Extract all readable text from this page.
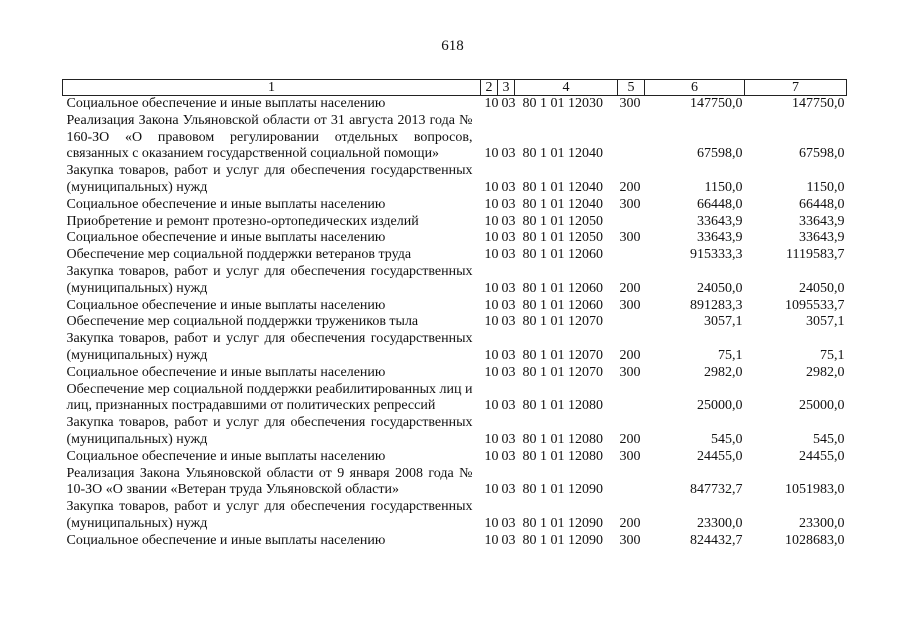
618
1	2	3	4	5	6	7
Социальное обеспечение и иные выплаты населению	10	03	80 1 01 12030	300	147750,0	147750,0
Реализация Закона Ульяновской области от 31 августа 2013 года № 160-ЗО «О правовом регулировании отдельных вопросов, связанных с оказанием государственной социальной помощи»	10	03	80 1 01 12040		67598,0	67598,0
Закупка товаров, работ и услуг для обеспечения государственных (муниципальных) нужд	10	03	80 1 01 12040	200	1150,0	1150,0
Социальное обеспечение и иные выплаты населению	10	03	80 1 01 12040	300	66448,0	66448,0
Приобретение и ремонт протезно-ортопедических изделий	10	03	80 1 01 12050		33643,9	33643,9
Социальное обеспечение и иные выплаты населению	10	03	80 1 01 12050	300	33643,9	33643,9
Обеспечение мер социальной поддержки ветеранов труда	10	03	80 1 01 12060		915333,3	1119583,7
Закупка товаров, работ и услуг для обеспечения государственных (муниципальных) нужд	10	03	80 1 01 12060	200	24050,0	24050,0
Социальное обеспечение и иные выплаты населению	10	03	80 1 01 12060	300	891283,3	1095533,7
Обеспечение мер социальной поддержки тружеников тыла	10	03	80 1 01 12070		3057,1	3057,1
Закупка товаров, работ и услуг для обеспечения государственных (муниципальных) нужд	10	03	80 1 01 12070	200	75,1	75,1
Социальное обеспечение и иные выплаты населению	10	03	80 1 01 12070	300	2982,0	2982,0
Обеспечение мер социальной поддержки реабилитированных лиц и лиц, признанных пострадавшими от политических репрессий	10	03	80 1 01 12080		25000,0	25000,0
Закупка товаров, работ и услуг для обеспечения государственных (муниципальных) нужд	10	03	80 1 01 12080	200	545,0	545,0
Социальное обеспечение и иные выплаты населению	10	03	80 1 01 12080	300	24455,0	24455,0
Реализация Закона Ульяновской области от 9 января 2008 года № 10-ЗО «О звании «Ветеран труда Ульяновской области»	10	03	80 1 01 12090		847732,7	1051983,0
Закупка товаров, работ и услуг для обеспечения государственных (муниципальных) нужд	10	03	80 1 01 12090	200	23300,0	23300,0
Социальное обеспечение и иные выплаты населению	10	03	80 1 01 12090	300	824432,7	1028683,0
